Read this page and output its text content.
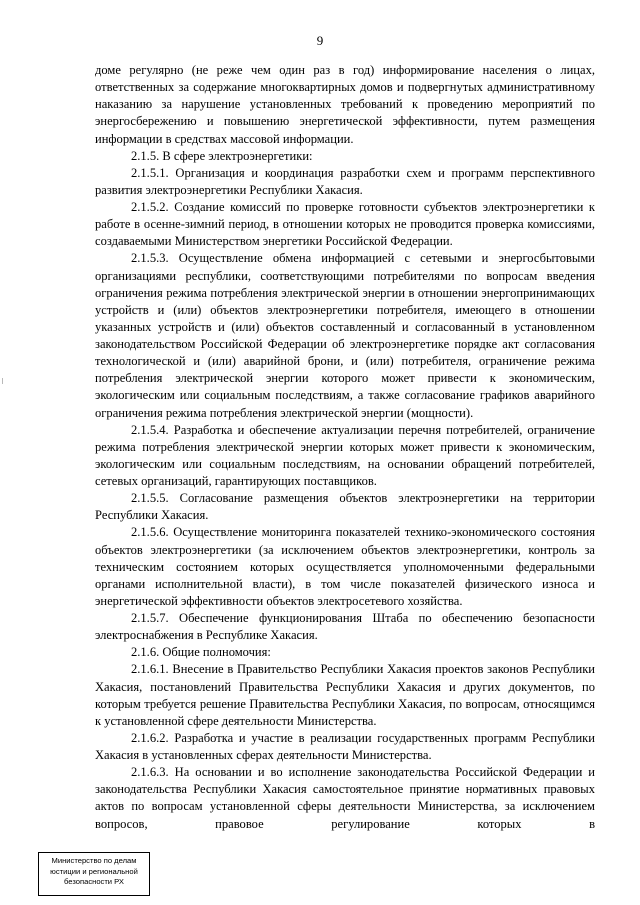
9

доме регулярно (не реже чем один раз в год) информирование населения о лицах, ответственных за содержание многоквартирных домов и подвергнутых административному наказанию за нарушение установленных требований к проведению мероприятий по энергосбережению и повышению энергетической эффективности, путем размещения информации в средствах массовой информации.

2.1.5. В сфере электроэнергетики:

2.1.5.1. Организация и координация разработки схем и программ перспективного развития электроэнергетики Республики Хакасия.

2.1.5.2. Создание комиссий по проверке готовности субъектов электроэнергетики к работе в осенне-зимний период, в отношении которых не проводится проверка комиссиями, создаваемыми Министерством энергетики Российской Федерации.

2.1.5.3. Осуществление обмена информацией с сетевыми и энергосбытовыми организациями республики, соответствующими потребителями по вопросам введения ограничения режима потребления электрической энергии в отношении энергопринимающих устройств и (или) объектов электроэнергетики потребителя, имеющего в отношении указанных устройств и (или) объектов составленный и согласованный в установленном законодательством Российской Федерации об электроэнергетике порядке акт согласования технологической и (или) аварийной брони, и (или) потребителя, ограничение режима потребления электрической энергии которого может привести к экономическим, экологическим или социальным последствиям, а также согласование графиков аварийного ограничения режима потребления электрической энергии (мощности).

2.1.5.4. Разработка и обеспечение актуализации перечня потребителей, ограничение режима потребления электрической энергии которых может привести к экономическим, экологическим или социальным последствиям, на основании обращений потребителей, сетевых организаций, гарантирующих поставщиков.

2.1.5.5. Согласование размещения объектов электроэнергетики на территории Республики Хакасия.

2.1.5.6. Осуществление мониторинга показателей технико-экономического состояния объектов электроэнергетики (за исключением объектов электроэнергетики, контроль за техническим состоянием которых осуществляется уполномоченными федеральными органами исполнительной власти), в том числе показателей физического износа и энергетической эффективности объектов электросетевого хозяйства.

2.1.5.7. Обеспечение функционирования Штаба по обеспечению безопасности электроснабжения в Республике Хакасия.

2.1.6. Общие полномочия:

2.1.6.1. Внесение в Правительство Республики Хакасия проектов законов Республики Хакасия, постановлений Правительства Республики Хакасия и других документов, по которым требуется решение Правительства Республики Хакасия, по вопросам, относящимся к установленной сфере деятельности Министерства.

2.1.6.2. Разработка и участие в реализации государственных программ Республики Хакасия в установленных сферах деятельности Министерства.

2.1.6.3. На основании и во исполнение законодательства Российской Федерации и законодательства Республики Хакасия самостоятельное принятие нормативных правовых актов по вопросам установленной сферы деятельности Министерства, за исключением вопросов, правовое регулирование которых в

Министерство по делам
юстиции и региональной
безопасности РХ
